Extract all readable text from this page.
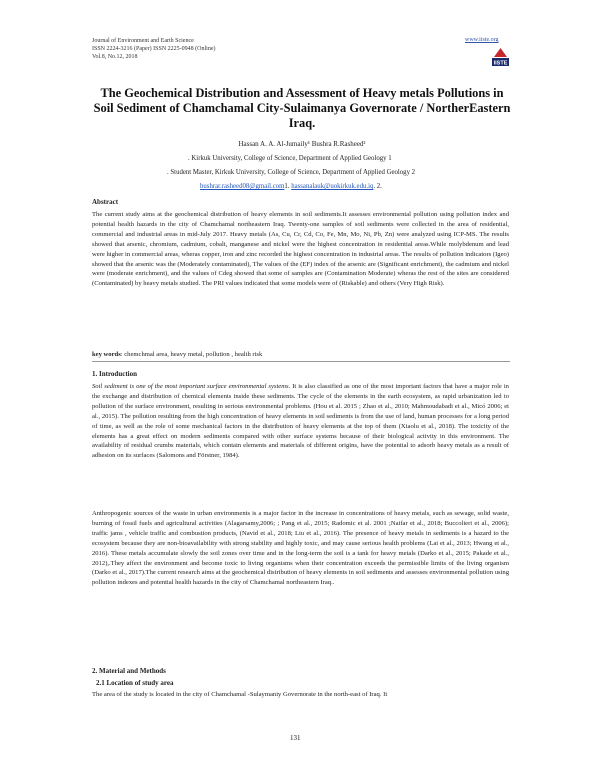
Journal of Environment and Earth Science
ISSN 2224-3216 (Paper) ISSN 2225-0948 (Online)
Vol.8, No.12, 2018
www.iiste.org
IISTE
The Geochemical Distribution and Assessment of Heavy metals Pollutions in Soil Sediment of Chamchamal City-Sulaimanya Governorate / NortherEastern Iraq.
Hassan A. A. Al-Jumaily¹ Bushra R.Rasheed²
. Kirkuk University, College of Science, Department of Applied Geology 1
. Student Master, Kirkuk University, College of Science, Department of Applied Geology 2
bushrar.rasheed08@gmail.com1. hassanalauk@uokirkuk.edu.iq. 2.
Abstract
The current study aims at the geochemical distribution of heavy elements in soil sediments.It assesses environmental pollution using pollution index and potential health hazards in the city of Chamchamal northeastern Iraq. Twenty-one samples of soil sediments were collected in the area of residential, commercial and industrial areas in mid-July 2017. Heavy metals (As, Cu, Cr, Cd, Co, Fe, Mn, Mo, Ni, Pb, Zn) were analyzed using ICP-MS. The results showed that arsenic, chromium, cadmium, cobalt, manganese and nickel were the highest concentration in residential areas.While molybdenum and lead were higher in commercial areas, wheras copper, iron and zinc recorded the highest concentration in industrial areas. The results of pollution indicators (Igeo) showed that the arsenic was the (Moderately contaminated), The values of the (EF) index of the arsenic are (Significant enrichment), the cadmium and nickel were (moderate enrichment), and the values of Cdeg showed that some of samples are (Contamination Moderate) wheras the rest of the sites are considered (Contaminated) by heavy metals studied. The PRI values indicated that some models were of (Riskable) and others (Very High Risk).
key words: chemchmal area, heavy metal, pollution , health risk
1. Introduction
Soil sediment is one of the most important surface environmental systems. It is also classified as one of the most important factors that have a major role in the exchange and distribution of chemical elements inside these sediments. The cycle of the elements in the earth ecosystem, as rapid urbanization led to pollution of the surface environment, resulting in serious environmental problems. (Hou et al. 2015 ; Zhao et al., 2010; Mahmoudabadi et al., Micó 2006; et al., 2015). The pollution resulting from the high concentration of heavy elements in soil sediments is from the use of land, human processes for a long period of time, as well as the role of some mechanical factors in the distribution of heavy elements at the top of them (Xiaolu et al., 2018). The toxicity of the elements has a great effect on modern sediments compared with other surface systems because of their biological activity in this environment. The availability of residual crumbs materials, which contain elements and materials of different origins, have the potential to adsorb heavy metals as a result of adhesion on its surfaces (Salomons and Förstner, 1984).
Anthropogenic sources of the waste in urban environments is a major factor in the increase in concentrations of heavy metals, such as sewage, solid waste, burning of fossil fuels and agricultural activities (Alagarsamy,2006; ; Pang et al., 2015; Radomic et al. 2001 ;Naifar et al., 2018; Buccolieri et al., 2006); traffic jams , vehicle traffic and combustion products, (Navid et al., 2018; Liu et al., 2016). The presence of heavy metals in sediments is a hazard to the ecosystem because they are non-bioavailability with strong stability and highly toxic, and may cause serious health problems (Lai et al., 2013; Hwang et al., 2016). These metals accumulate slowly the soil zones over time and in the long-term the soil is a tank for heavy metals (Darko et al., 2015; Pakade et al., 2012),.They affect the environment and become toxic to living organisms when their concentration exceeds the permissible limits of the living organism (Darko et al., 2017).The current research aims at the geochemical distribution of heavy elements in soil sediments and assesses environmental pollution using pollution indexes and potential health hazards in the city of Chamchamal northeastern Iraq..
2. Material and Methods
2.1 Location of study area
The area of the study is located in the city of Chamchamal -Sulaymaniy Governorate in the north-east of Iraq. It
131
